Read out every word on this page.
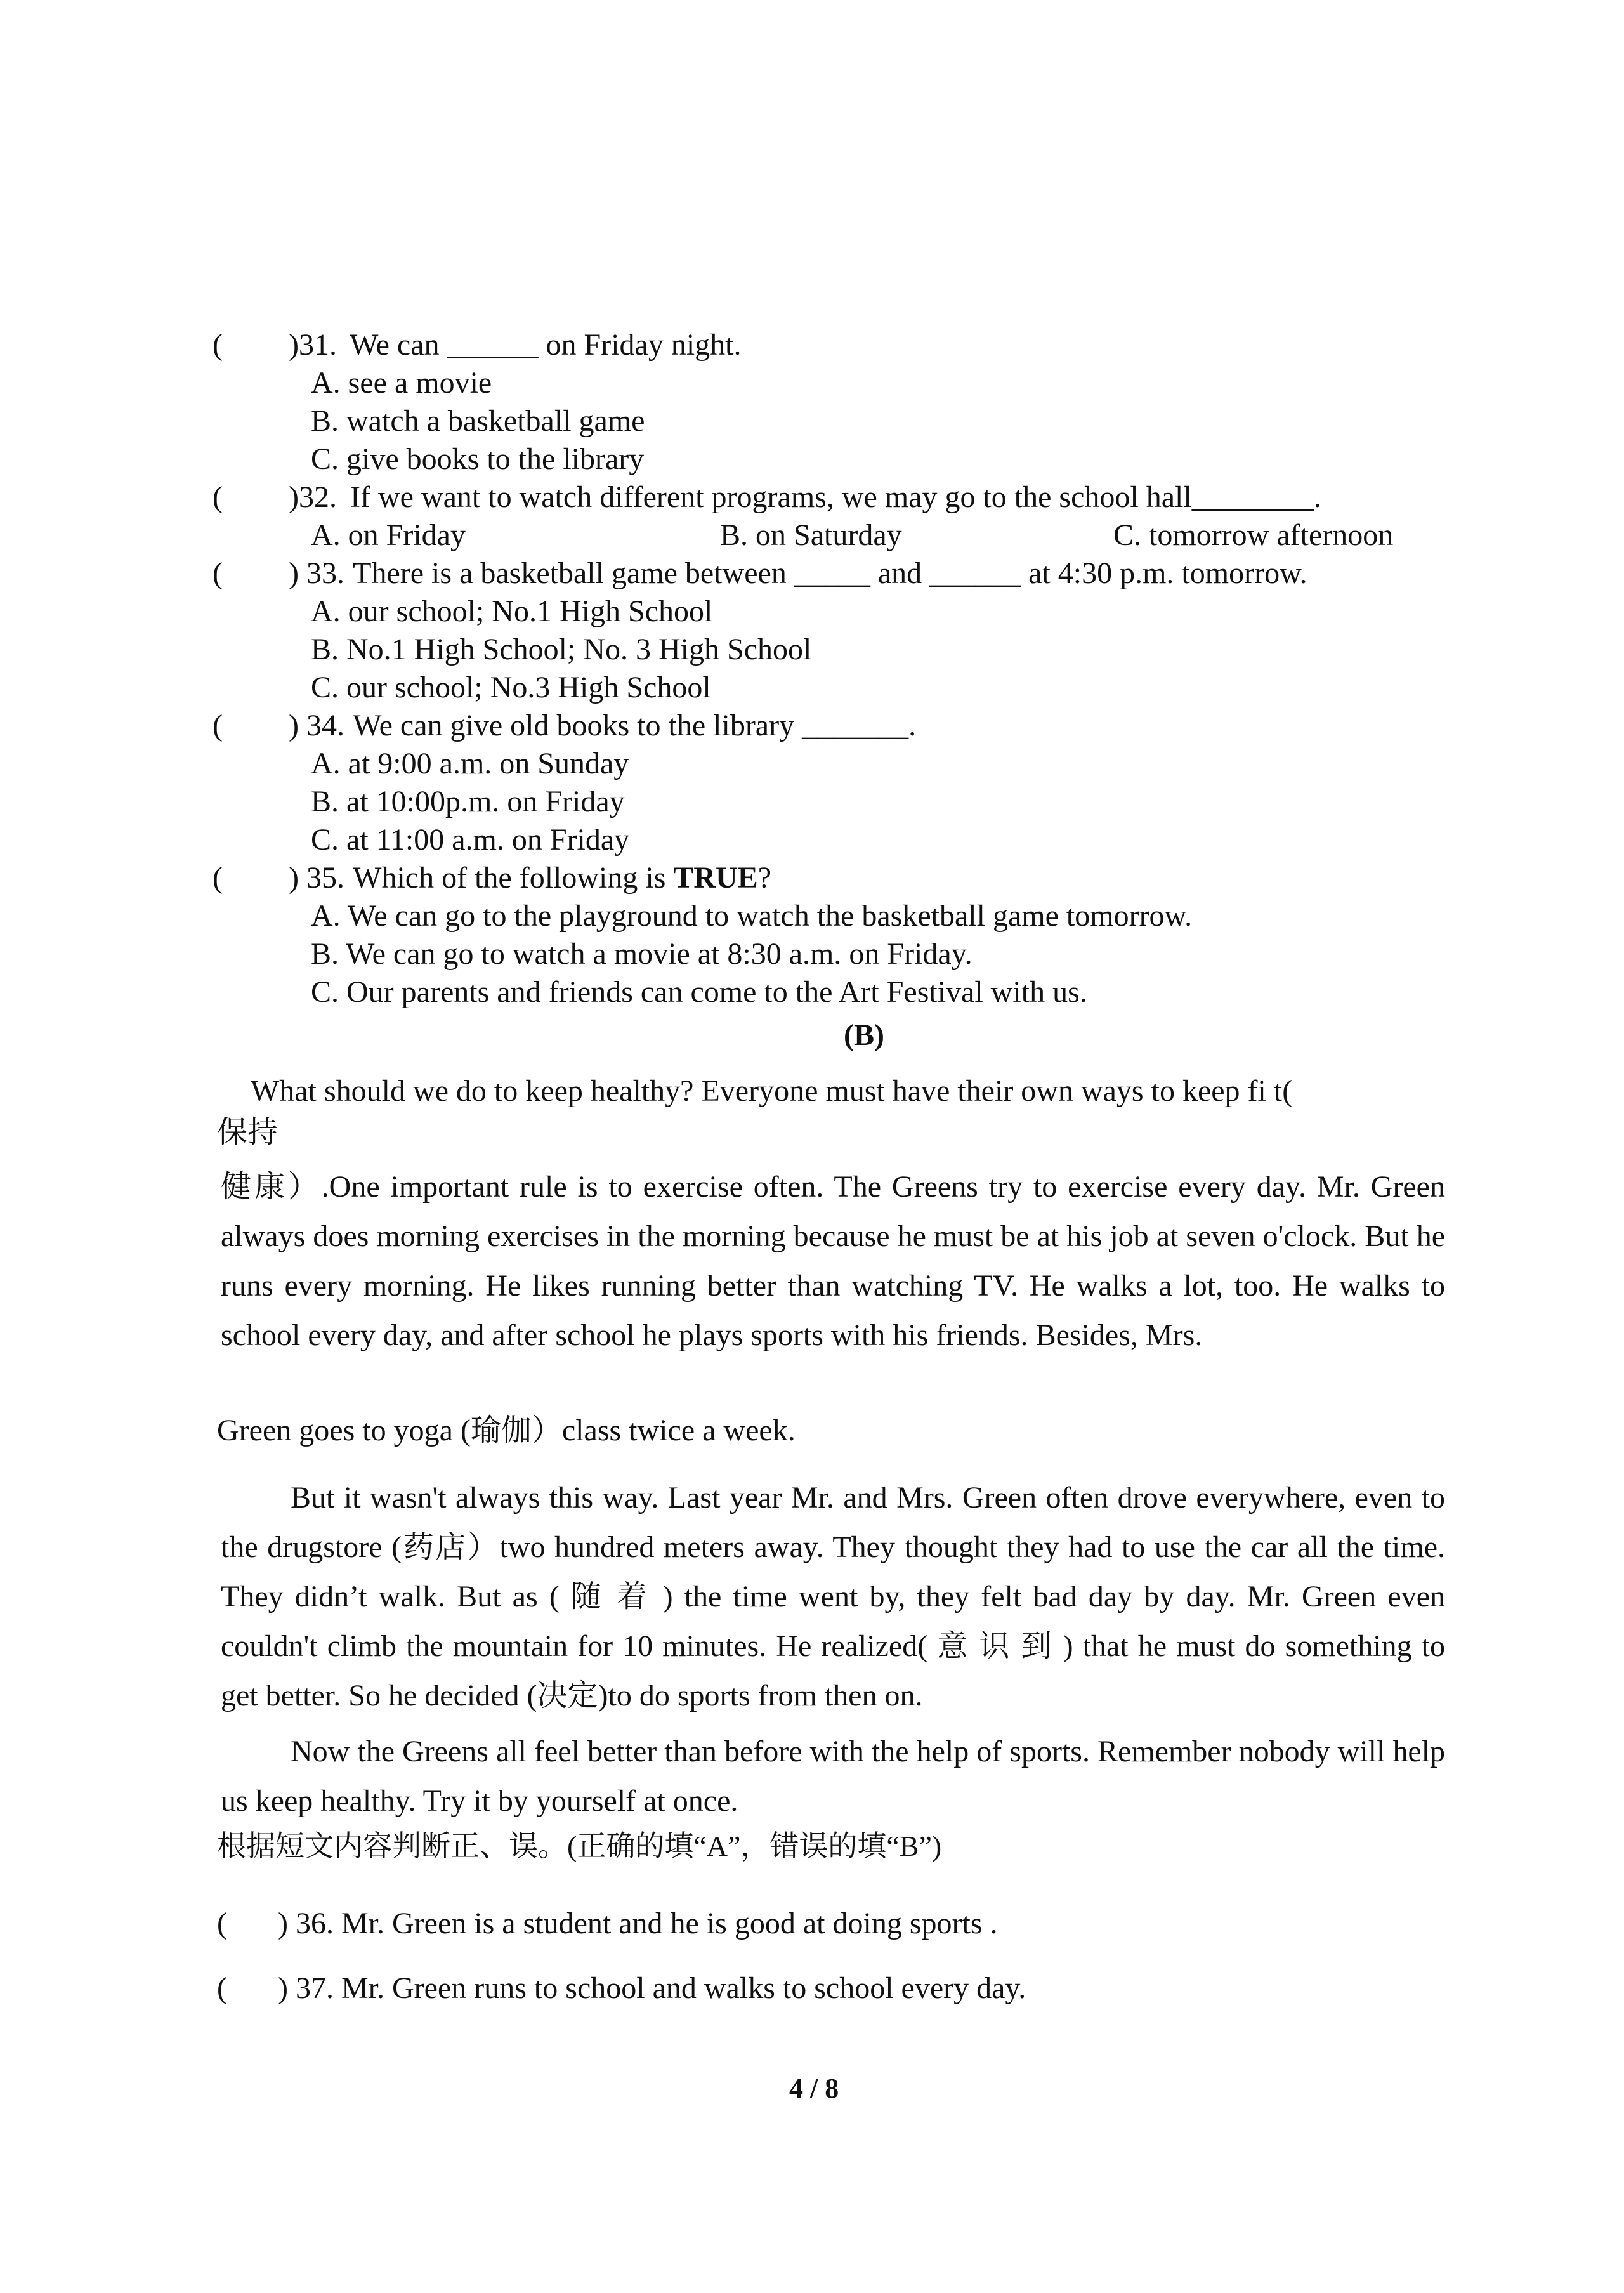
( )31. We can ______ on Friday night.
A. see a movie
B. watch a basketball game
C. give books to the library
( )32. If we want to watch different programs, we may go to the school hall________.
A. on Friday	B. on Saturday	C. tomorrow afternoon
( ) 33. There is a basketball game between _____ and ______ at 4:30 p.m. tomorrow.
A. our school; No.1 High School
B. No.1 High School; No. 3 High School
C. our school; No.3 High School
( ) 34. We can give old books to the library _______.
A. at 9:00 a.m. on Sunday
B. at 10:00p.m. on Friday
C. at 11:00 a.m. on Friday
( ) 35. Which of the following is TRUE?
A. We can go to the playground to watch the basketball game tomorrow.
B. We can go to watch a movie at 8:30 a.m. on Friday.
C. Our parents and friends can come to the Art Festival with us.
(B)
What should we do to keep healthy? Everyone must have their own ways to keep fi t(
保持
健康）.One important rule is to exercise often. The Greens try to exercise every day. Mr. Green always does morning exercises in the morning because he must be at his job at seven o'clock. But he runs every morning. He likes running better than watching TV. He walks a lot, too. He walks to school every day, and after school he plays sports with his friends. Besides, Mrs.
Green goes to yoga (瑜伽）class twice a week.
But it wasn't always this way. Last year Mr. and Mrs. Green often drove everywhere, even to the drugstore (药店）two hundred meters away. They thought they had to use the car all the time. They didn’t walk. But as ( 随 着 ) the time went by, they felt bad day by day. Mr. Green even couldn't climb the mountain for 10 minutes. He realized( 意 识 到 ) that he must do something to get better. So he decided (决定)to do sports from then on.
Now the Greens all feel better than before with the help of sports. Remember nobody will help us keep healthy. Try it by yourself at once.
根据短文内容判断正、误。(正确的填“A”，错误的填“B”)
( ) 36. Mr. Green is a student and he is good at doing sports .
( ) 37. Mr. Green runs to school and walks to school every day.
4 / 8
